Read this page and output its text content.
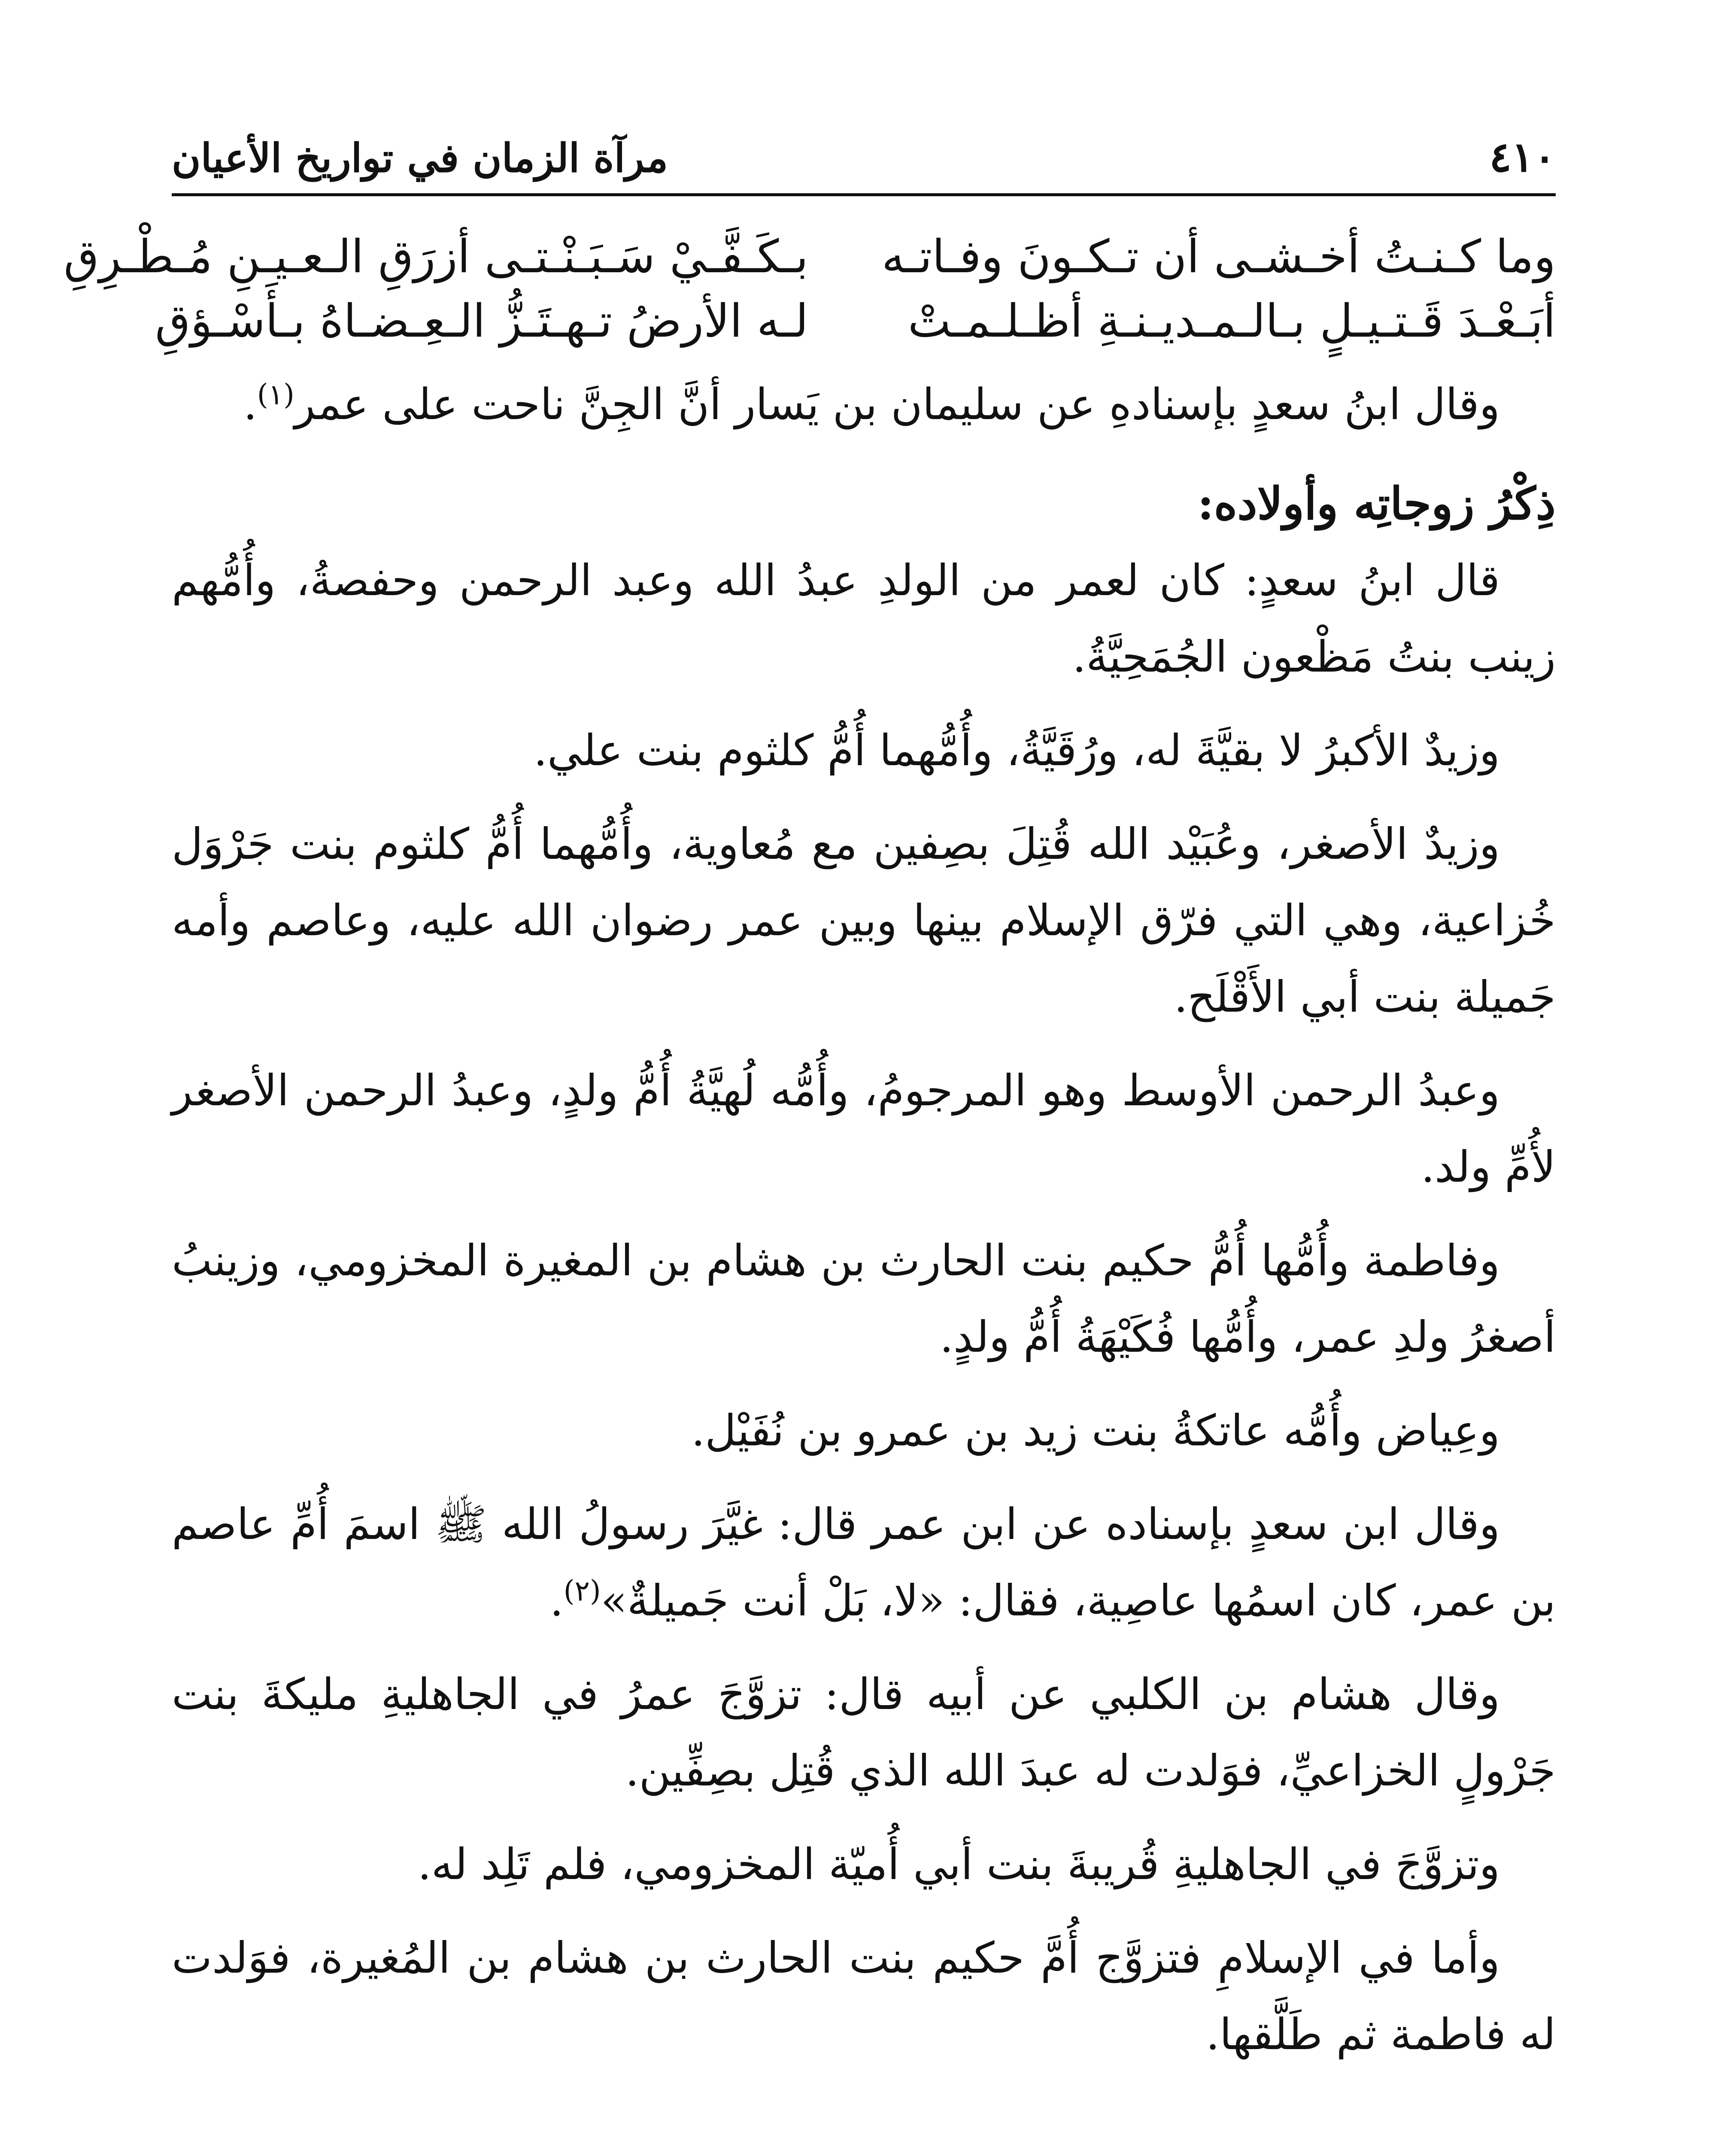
٤١٠
مرآة الزمان في تواريخ الأعيان
وما كـنـتُ أخـشـى أن تـكـونَ وفـاتـه
بـكَـفَّـيْ سَـبَـنْـتـى أزرَقِ الـعـيـنِ مُـطْـرِقِ
أبَـعْـدَ قَـتـيـلٍ بـالـمـديـنـةِ أظـلـمـتْ
لـه الأرضُ تـهـتَـزُّ الـعِـضـاهُ بـأَسْـؤقِ

وقال ابنُ سعدٍ بإسنادهِ عن سليمان بن يَسار أنَّ الجِنَّ ناحت على عمر$^{(١)}$.

ذِكْرُ زوجاتِه وأولاده:

قال ابنُ سعدٍ: كان لعمر من الولدِ عبدُ الله وعبد الرحمن وحفصةُ، وأُمُّهم زينب بنتُ مَظْعون الجُمَحِيَّةُ.

وزيدٌ الأكبرُ لا بقيَّةَ له، ورُقَيَّةُ، وأُمُّهما أُمُّ كلثوم بنت علي.

وزيدٌ الأصغر، وعُبَيْد الله قُتِلَ بصِفين مع مُعاوية، وأُمُّهما أُمُّ كلثوم بنت جَرْوَل خُزاعية، وهي التي فرّق الإسلام بينها وبين عمر رضوان الله عليه، وعاصم وأمه جَميلة بنت أبي الأَقْلَح.

وعبدُ الرحمن الأوسط وهو المرجومُ، وأُمُّه لُهيَّةُ أُمُّ ولدٍ، وعبدُ الرحمن الأصغر لأُمِّ ولد.

وفاطمة وأُمُّها أُمُّ حكيم بنت الحارث بن هشام بن المغيرة المخزومي، وزينبُ أصغرُ ولدِ عمر، وأُمُّها فُكَيْهَةُ أُمُّ ولدٍ.

وعِياض وأُمُّه عاتكةُ بنت زيد بن عمرو بن نُفَيْل.

وقال ابن سعدٍ بإسناده عن ابن عمر قال: غيَّرَ رسولُ الله ﷺ اسمَ أُمِّ عاصم بن عمر، كان اسمُها عاصِية، فقال: «لا، بَلْ أنت جَميلةٌ»$^{(٢)}$.

وقال هشام بن الكلبي عن أبيه قال: تزوَّجَ عمرُ في الجاهليةِ مليكةَ بنت جَرْولٍ الخزاعيِّ، فوَلدت له عبدَ الله الذي قُتِل بصِفِّين.

وتزوَّجَ في الجاهليةِ قُريبةَ بنت أبي أُميّة المخزومي، فلم تَلِد له.

وأما في الإسلامِ فتزوَّج أُمَّ حكيم بنت الحارث بن هشام بن المُغيرة، فوَلدت له فاطمة ثم طَلَّقها.
